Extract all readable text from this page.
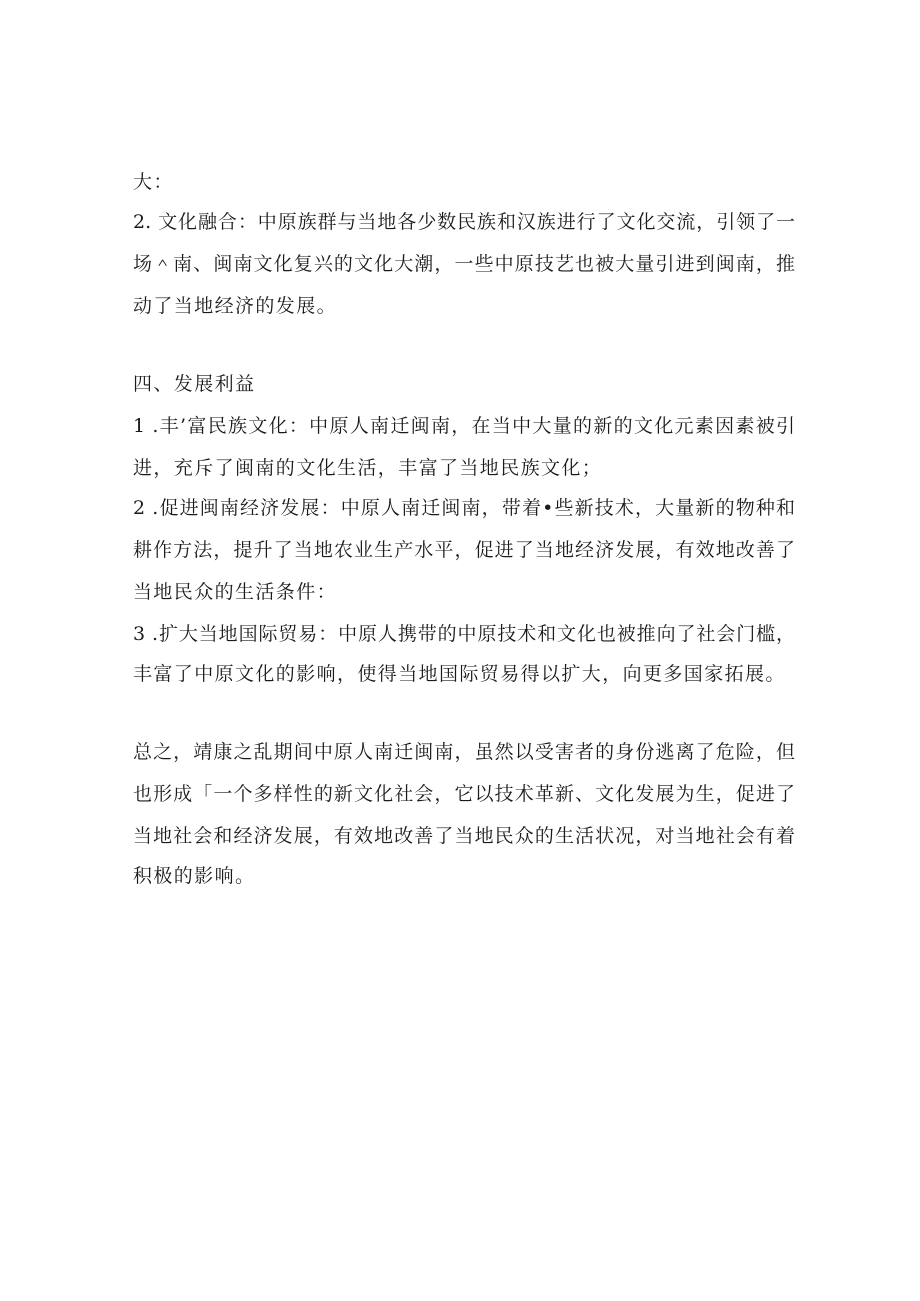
大：
2. 文化融合：中原族群与当地各少数民族和汉族进行了文化交流，引领了一
场＾南、闽南文化复兴的文化大潮，一些中原技艺也被大量引进到闽南，推
动了当地经济的发展。
四、发展利益
1 .丰’富民族文化：中原人南迁闽南，在当中大量的新的文化元素因素被引
进，充斥了闽南的文化生活，丰富了当地民族文化；
2 .促进闽南经济发展：中原人南迁闽南，带着•些新技术，大量新的物种和
耕作方法，提升了当地农业生产水平，促进了当地经济发展，有效地改善了
当地民众的生活条件：
3 .扩大当地国际贸易：中原人携带的中原技术和文化也被推向了社会门槛，
丰富了中原文化的影响，使得当地国际贸易得以扩大，向更多国家拓展。
总之，靖康之乱期间中原人南迁闽南，虽然以受害者的身份逃离了危险，但
也形成「一个多样性的新文化社会，它以技术革新、文化发展为生，促进了
当地社会和经济发展，有效地改善了当地民众的生活状况，对当地社会有着
积极的影响。
